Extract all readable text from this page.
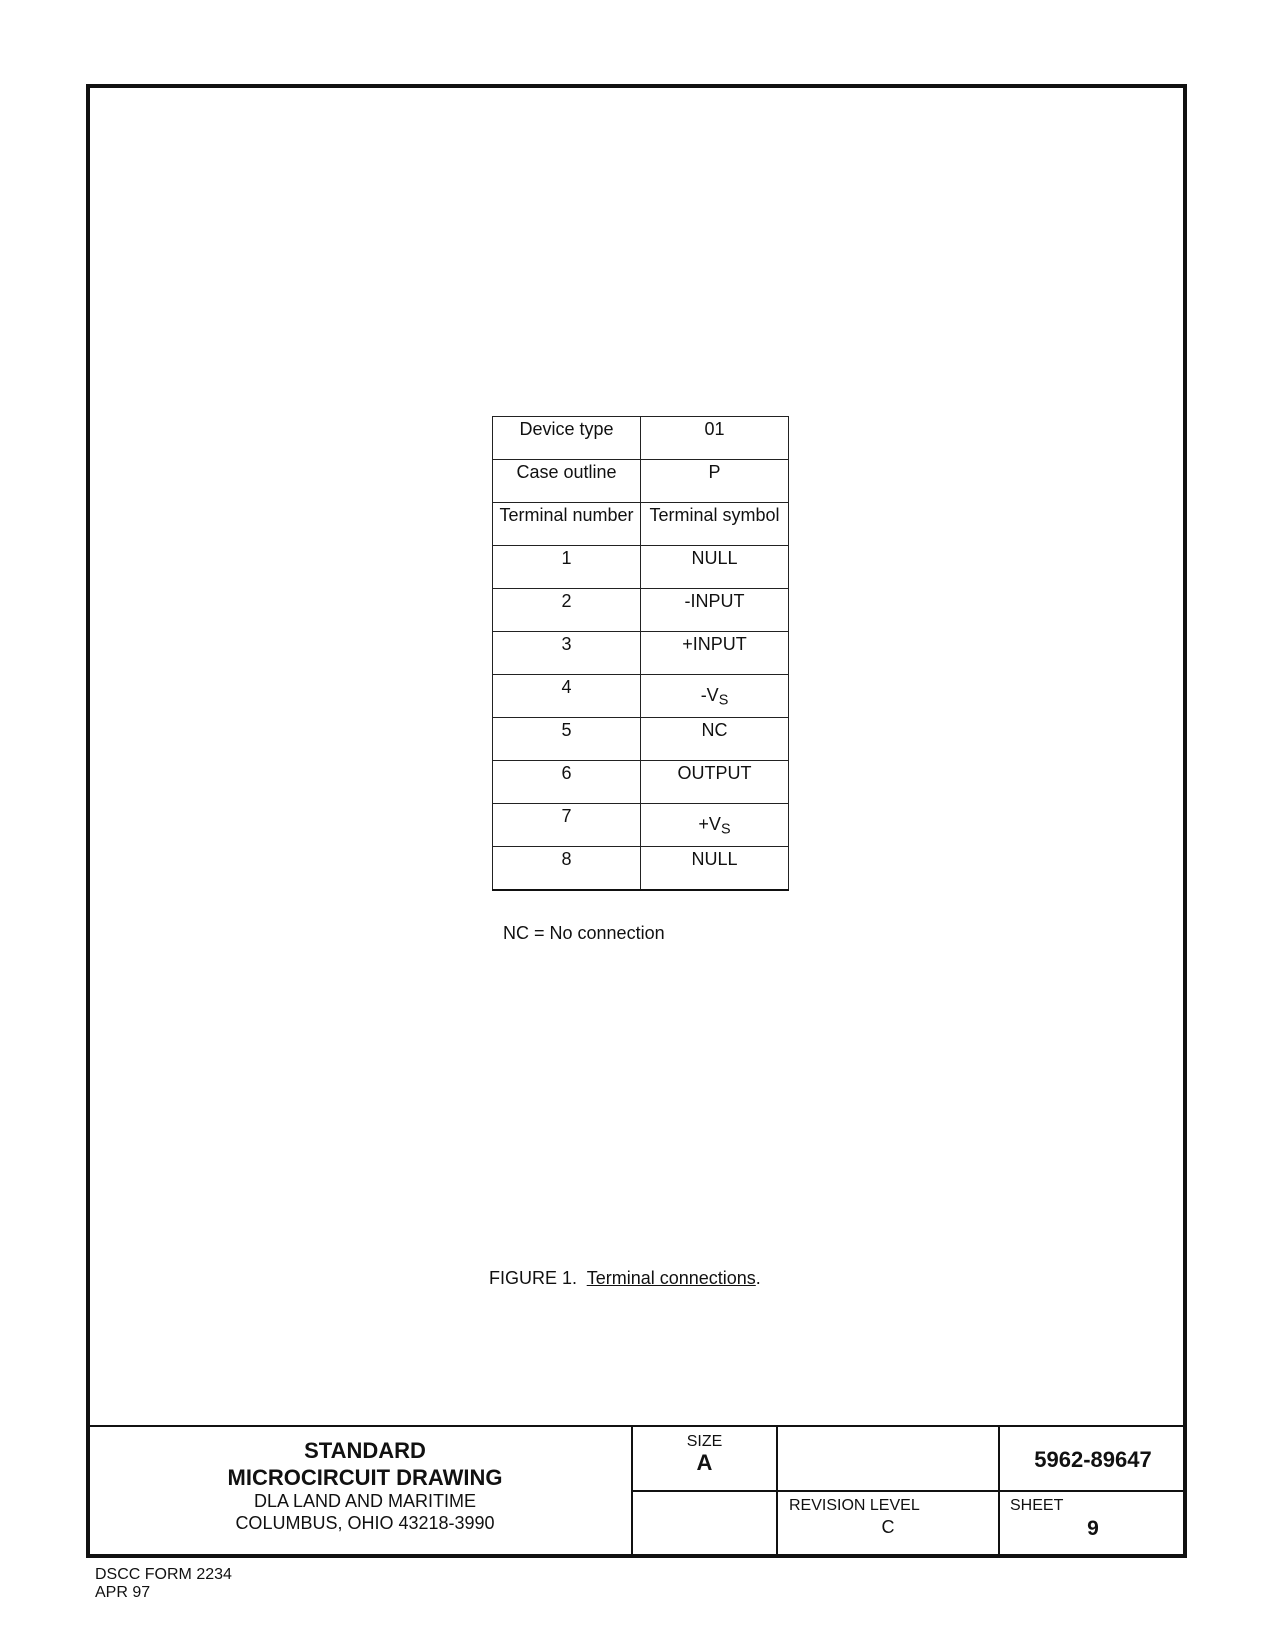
Device type	01
Case outline	P
Terminal number	Terminal symbol
1	NULL
2	-INPUT
3	+INPUT
4	$-V_S$
5	NC
6	OUTPUT
7	$+V_S$
8	NULL
NC = No connection
FIGURE 1.  Terminal connections.
STANDARD
MICROCIRCUIT DRAWING
DLA LAND AND MARITIME
COLUMBUS, OHIO 43218-3990
SIZE
A	5962-89647
REVISION LEVEL
C
SHEET
9
DSCC FORM 2234
APR 97
